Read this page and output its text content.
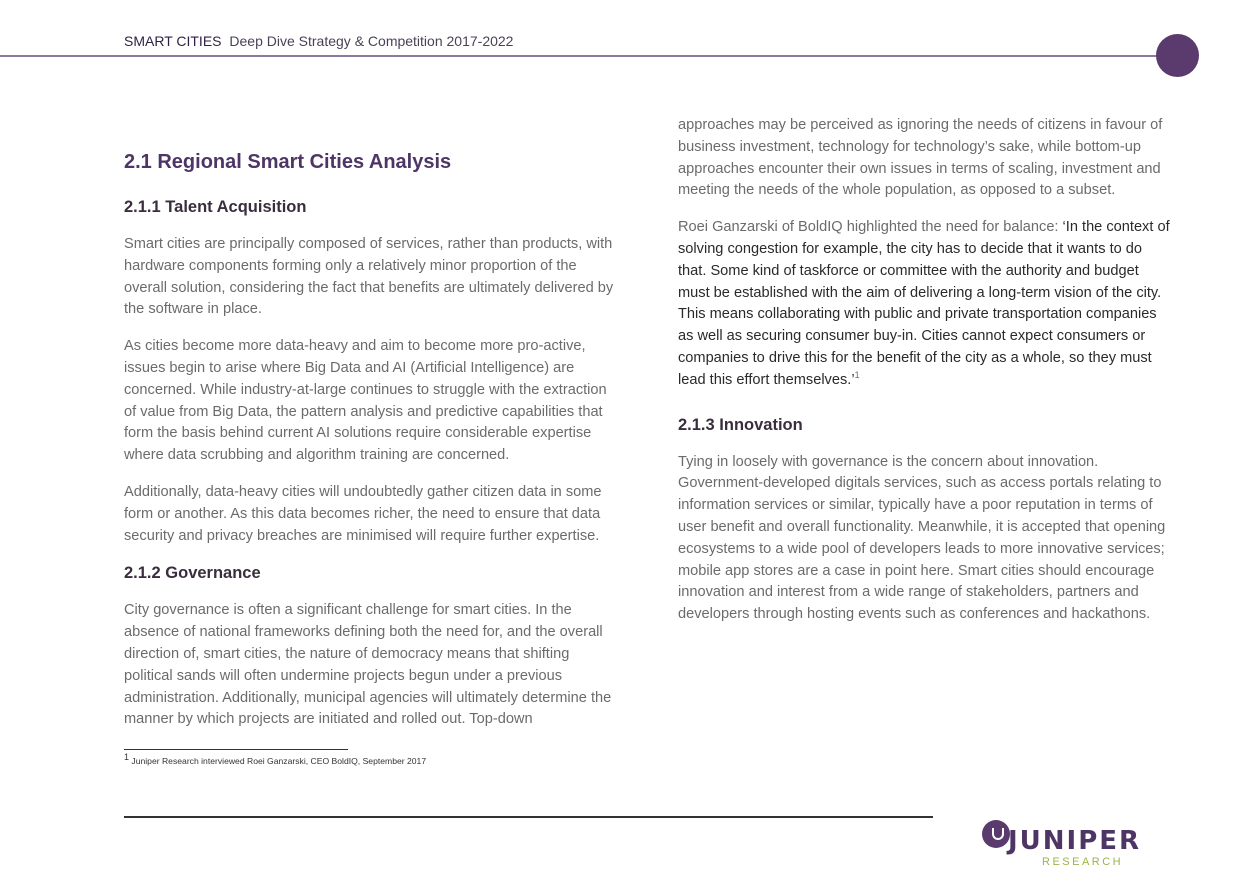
SMART CITIES Deep Dive Strategy & Competition 2017-2022
2.1 Regional Smart Cities Analysis
2.1.1 Talent Acquisition

Smart cities are principally composed of services, rather than products, with hardware components forming only a relatively minor proportion of the overall solution, considering the fact that benefits are ultimately delivered by the software in place.

As cities become more data-heavy and aim to become more pro-active, issues begin to arise where Big Data and AI (Artificial Intelligence) are concerned. While industry-at-large continues to struggle with the extraction of value from Big Data, the pattern analysis and predictive capabilities that form the basis behind current AI solutions require considerable expertise where data scrubbing and algorithm training are concerned.

Additionally, data-heavy cities will undoubtedly gather citizen data in some form or another. As this data becomes richer, the need to ensure that data security and privacy breaches are minimised will require further expertise.

2.1.2 Governance

City governance is often a significant challenge for smart cities. In the absence of national frameworks defining both the need for, and the overall direction of, smart cities, the nature of democracy means that shifting political sands will often undermine projects begun under a previous administration. Additionally, municipal agencies will ultimately determine the manner by which projects are initiated and rolled out. Top-down

approaches may be perceived as ignoring the needs of citizens in favour of business investment, technology for technology’s sake, while bottom-up approaches encounter their own issues in terms of scaling, investment and meeting the needs of the whole population, as opposed to a subset.

Roei Ganzarski of BoldIQ highlighted the need for balance: ‘In the context of solving congestion for example, the city has to decide that it wants to do that. Some kind of taskforce or committee with the authority and budget must be established with the aim of delivering a long-term vision of the city. This means collaborating with public and private transportation companies as well as securing consumer buy-in. Cities cannot expect consumers or companies to drive this for the benefit of the city as a whole, so they must lead this effort themselves.’$^1$

2.1.3 Innovation

Tying in loosely with governance is the concern about innovation. Government-developed digitals services, such as access portals relating to information services or similar, typically have a poor reputation in terms of user benefit and overall functionality. Meanwhile, it is accepted that opening ecosystems to a wide pool of developers leads to more innovative services; mobile app stores are a case in point here. Smart cities should encourage innovation and interest from a wide range of stakeholders, partners and developers through hosting events such as conferences and hackathons.

$^1$ Juniper Research interviewed Roei Ganzarski, CEO BoldIQ, September 2017
JUNIPER
RESEARCH
